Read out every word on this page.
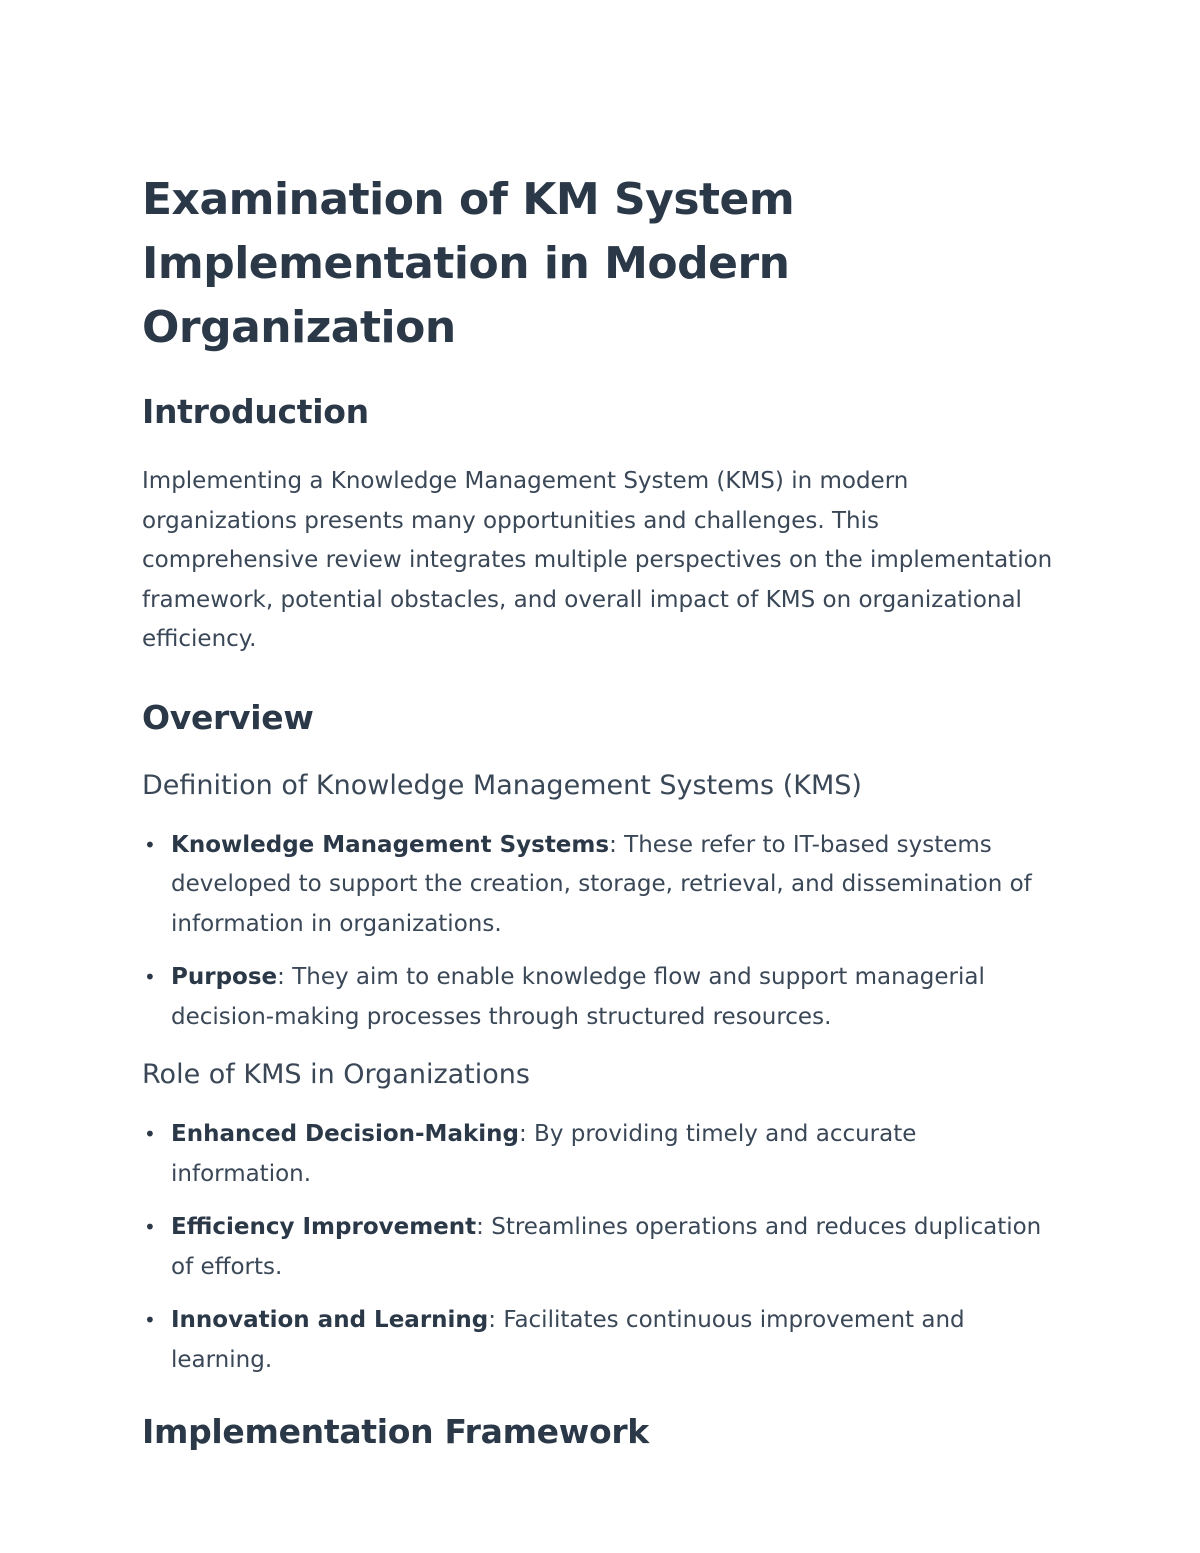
Examination of KM System Implementation in Modern Organization
Introduction

Implementing a Knowledge Management System (KMS) in modern organizations presents many opportunities and challenges. This comprehensive review integrates multiple perspectives on the implementation framework, potential obstacles, and overall impact of KMS on organizational efficiency.

Overview
Definition of Knowledge Management Systems (KMS)
• Knowledge Management Systems: These refer to IT-based systems developed to support the creation, storage, retrieval, and dissemination of information in organizations.
• Purpose: They aim to enable knowledge flow and support managerial decision-making processes through structured resources.
Role of KMS in Organizations
• Enhanced Decision-Making: By providing timely and accurate information.
• Efficiency Improvement: Streamlines operations and reduces duplication of efforts.
• Innovation and Learning: Facilitates continuous improvement and learning.
Implementation Framework
